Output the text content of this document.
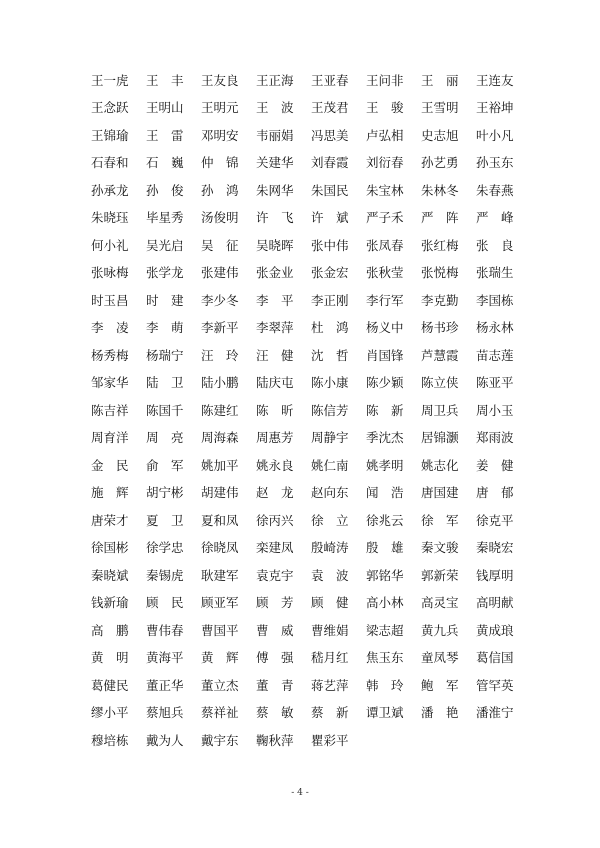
王一虎	王　丰	王友良	王正海	王亚春	王问非	王　丽	王连友
王念跃	王明山	王明元	王　波	王茂君	王　骏	王雪明	王裕坤
王锦瑜	王　雷	邓明安	韦丽娟	冯思美	卢弘相	史志旭	叶小凡
石春和	石　巍	仲　锦	关建华	刘春霞	刘衍春	孙艺勇	孙玉东
孙承龙	孙　俊	孙　鸿	朱网华	朱国民	朱宝林	朱林冬	朱春燕
朱晓珏	毕星秀	汤俊明	许　飞	许　斌	严子禾	严　阵	严　峰
何小礼	吴光启	吴　征	吴晓晖	张中伟	张凤春	张红梅	张　良
张咏梅	张学龙	张建伟	张金业	张金宏	张秋莹	张悦梅	张瑞生
时玉昌	时　建	李少冬	李　平	李正刚	李行军	李克勤	李国栋
李　凌	李　萌	李新平	李翠萍	杜　鸿	杨义中	杨书珍	杨永林
杨秀梅	杨瑞宁	汪　玲	汪　健	沈　哲	肖国锋	芦慧霞	苗志莲
邹家华	陆　卫	陆小鹏	陆庆屯	陈小康	陈少颖	陈立侠	陈亚平
陈吉祥	陈国千	陈建红	陈　昕	陈信芳	陈　新	周卫兵	周小玉
周育洋	周　亮	周海森	周惠芳	周静宇	季沈杰	居锦灏	郑雨波
金　民	俞　军	姚加平	姚永良	姚仁南	姚孝明	姚志化	姜　健
施　辉	胡宁彬	胡建伟	赵　龙	赵向东	闻　浩	唐国建	唐　郁
唐荣才	夏　卫	夏和凤	徐丙兴	徐　立	徐兆云	徐　军	徐克平
徐国彬	徐学忠	徐晓凤	栾建凤	殷崎涛	殷　雄	秦文骏	秦晓宏
秦晓斌	秦锡虎	耿建军	袁克宇	袁　波	郭铭华	郭新荣	钱厚明
钱新瑜	顾　民	顾亚军	顾　芳	顾　健	高小林	高灵宝	高明献
高　鹏	曹伟春	曹国平	曹　威	曹维娟	梁志超	黄九兵	黄成琅
黄　明	黄海平	黄　辉	傅　强	嵇月红	焦玉东	童凤琴	葛信国
葛健民	董正华	董立杰	董　青	蒋艺萍	韩　玲	鲍　军	管罕英
缪小平	蔡旭兵	蔡祥祉	蔡　敏	蔡　新	谭卫斌	潘　艳	潘淮宁
穆培栋	戴为人	戴宇东	鞠秋萍	瞿彩平
- 4 -
